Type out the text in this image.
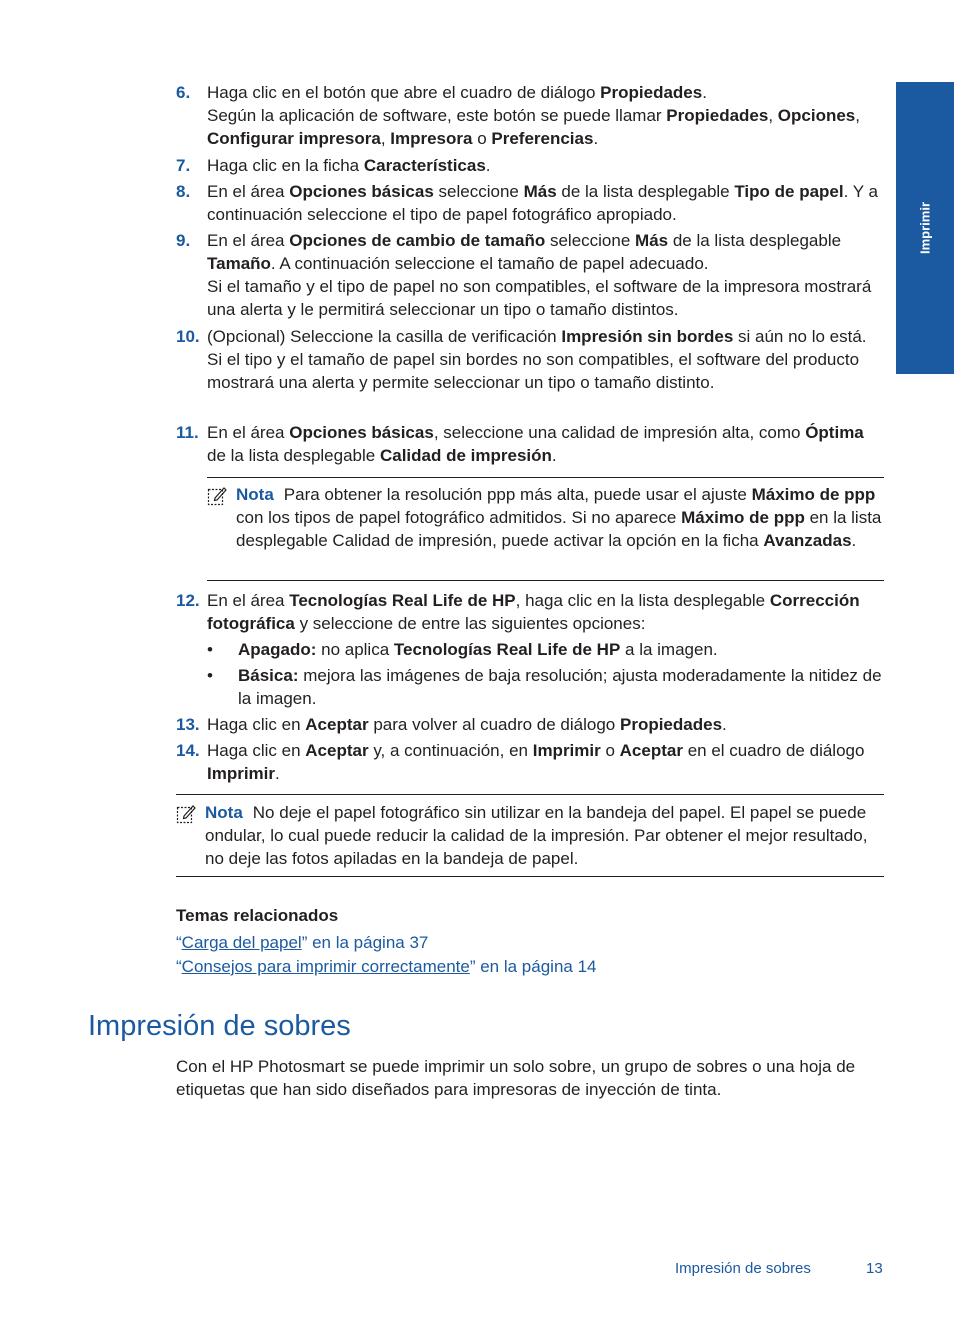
Imprimir
6. Haga clic en el botón que abre el cuadro de diálogo Propiedades.

Según la aplicación de software, este botón se puede llamar Propiedades, Opciones, Configurar impresora, Impresora o Preferencias.

7. Haga clic en la ficha Características.

8. En el área Opciones básicas seleccione Más de la lista desplegable Tipo de papel. Y a continuación seleccione el tipo de papel fotográfico apropiado.

9. En el área Opciones de cambio de tamaño seleccione Más de la lista desplegable Tamaño. A continuación seleccione el tamaño de papel adecuado.

Si el tamaño y el tipo de papel no son compatibles, el software de la impresora mostrará una alerta y le permitirá seleccionar un tipo o tamaño distintos.

10. (Opcional) Seleccione la casilla de verificación Impresión sin bordes si aún no lo está.

Si el tipo y el tamaño de papel sin bordes no son compatibles, el software del producto mostrará una alerta y permite seleccionar un tipo o tamaño distinto.

11. En el área Opciones básicas, seleccione una calidad de impresión alta, como Óptima de la lista desplegable Calidad de impresión.

Nota Para obtener la resolución ppp más alta, puede usar el ajuste Máximo de ppp con los tipos de papel fotográfico admitidos. Si no aparece Máximo de ppp en la lista desplegable Calidad de impresión, puede activar la opción en la ficha Avanzadas.

12. En el área Tecnologías Real Life de HP, haga clic en la lista desplegable Corrección fotográfica y seleccione de entre las siguientes opciones:

• Apagado: no aplica Tecnologías Real Life de HP a la imagen.
• Básica: mejora las imágenes de baja resolución; ajusta moderadamente la nitidez de la imagen.
13. Haga clic en Aceptar para volver al cuadro de diálogo Propiedades.

14. Haga clic en Aceptar y, a continuación, en Imprimir o Aceptar en el cuadro de diálogo Imprimir.

Nota No deje el papel fotográfico sin utilizar en la bandeja del papel. El papel se puede ondular, lo cual puede reducir la calidad de la impresión. Par obtener el mejor resultado, no deje las fotos apiladas en la bandeja de papel.

Temas relacionados
“Carga del papel” en la página 37
“Consejos para imprimir correctamente” en la página 14
Impresión de sobres

Con el HP Photosmart se puede imprimir un solo sobre, un grupo de sobres o una hoja de etiquetas que han sido diseñados para impresoras de inyección de tinta.

Impresión de sobres	13
